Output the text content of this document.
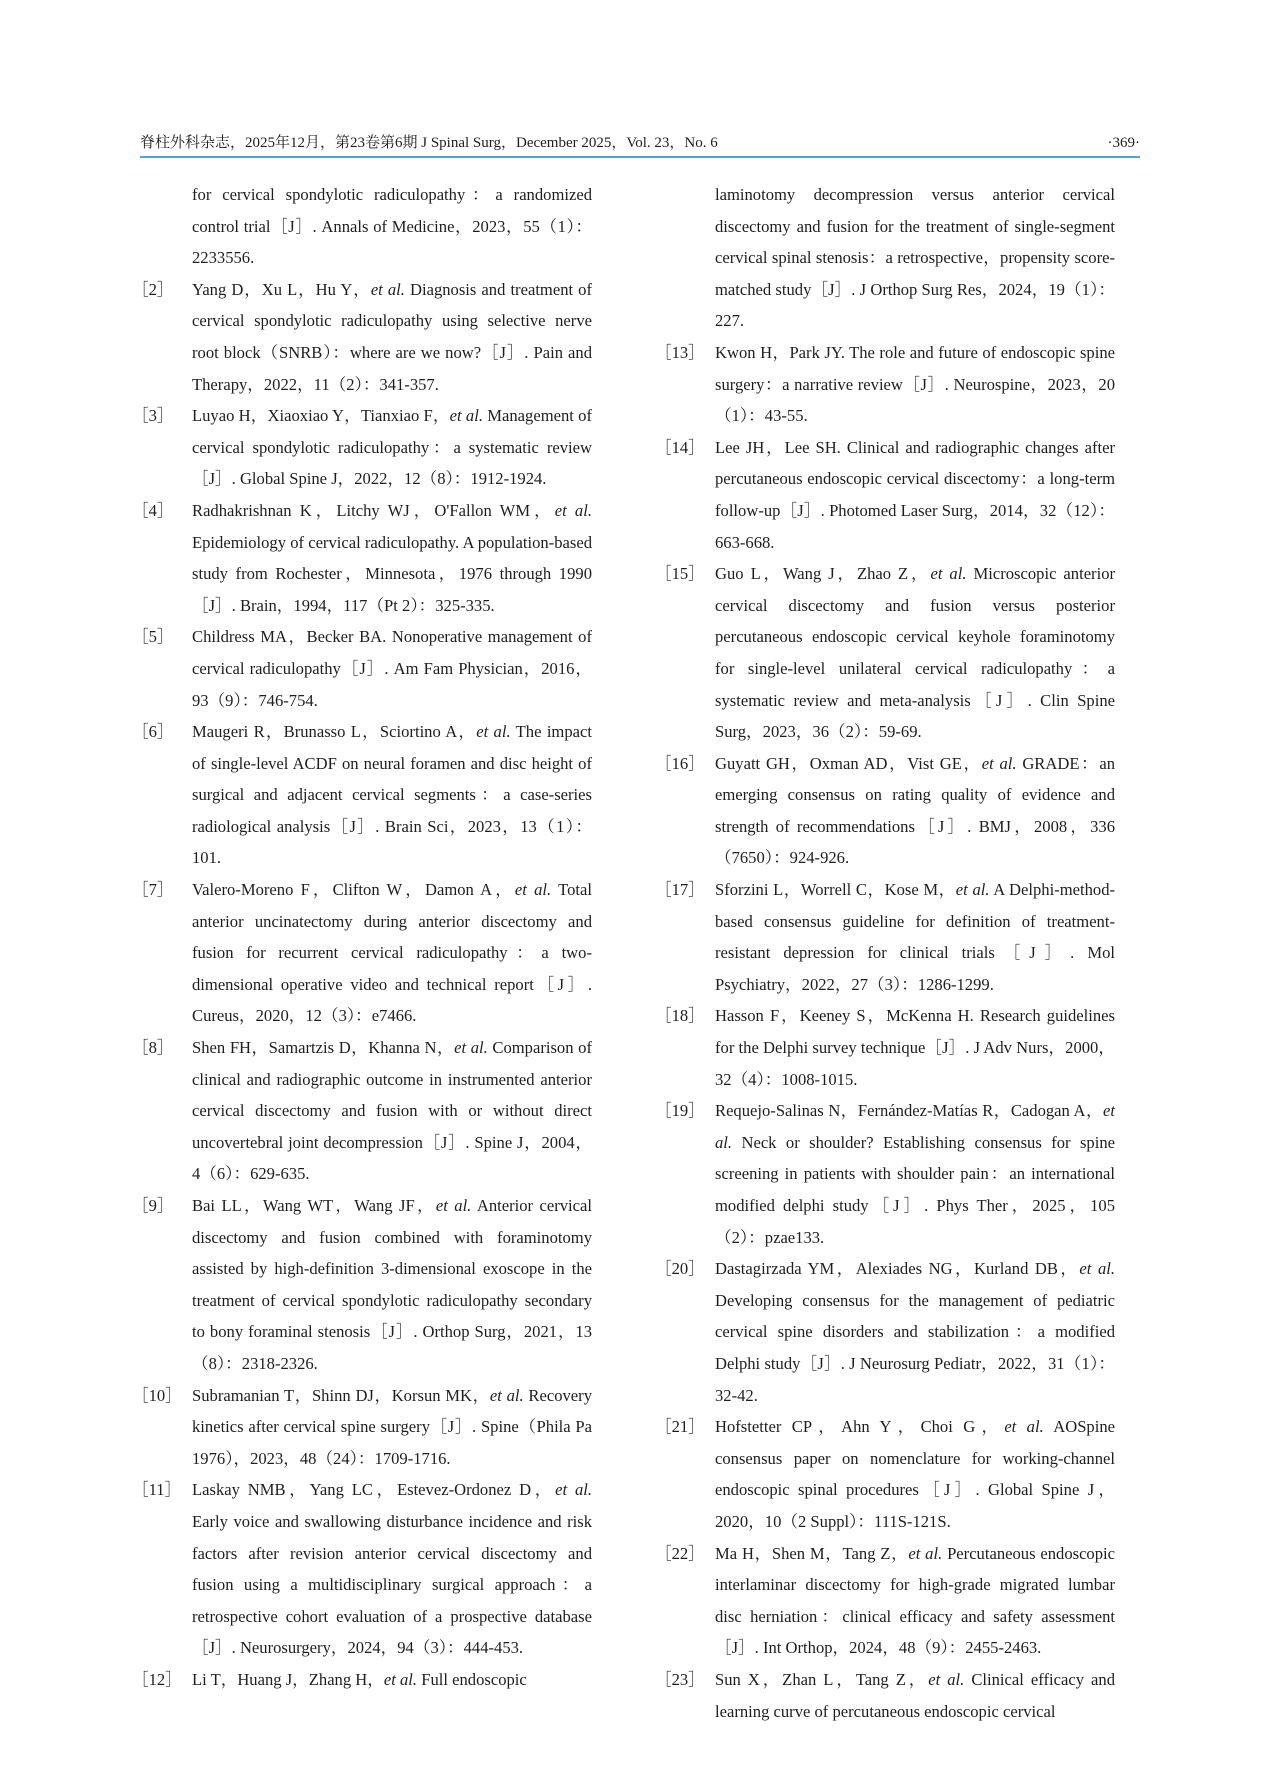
脊柱外科杂志，2025年12月，第23卷第6期 J Spinal Surg，December 2025，Vol. 23，No. 6	·369·
for cervical spondylotic radiculopathy：a randomized control trial［J］. Annals of Medicine，2023，55（1）：2233556.
［2］ Yang D，Xu L，Hu Y，et al. Diagnosis and treatment of cervical spondylotic radiculopathy using selective nerve root block（SNRB）：where are we now?［J］. Pain and Therapy，2022，11（2）：341-357.
［3］ Luyao H，Xiaoxiao Y，Tianxiao F，et al. Management of cervical spondylotic radiculopathy：a systematic review［J］. Global Spine J，2022，12（8）：1912-1924.
［4］ Radhakrishnan K，Litchy WJ，O'Fallon WM，et al. Epidemiology of cervical radiculopathy. A population-based study from Rochester，Minnesota，1976 through 1990［J］. Brain，1994，117（Pt 2）：325-335.
［5］ Childress MA，Becker BA. Nonoperative management of cervical radiculopathy［J］. Am Fam Physician，2016，93（9）：746-754.
［6］ Maugeri R，Brunasso L，Sciortino A，et al. The impact of single-level ACDF on neural foramen and disc height of surgical and adjacent cervical segments：a case-series radiological analysis［J］. Brain Sci，2023，13（1）：101.
［7］ Valero-Moreno F，Clifton W，Damon A，et al. Total anterior uncinatectomy during anterior discectomy and fusion for recurrent cervical radiculopathy：a two-dimensional operative video and technical report［J］. Cureus，2020，12（3）：e7466.
［8］ Shen FH，Samartzis D，Khanna N，et al. Comparison of clinical and radiographic outcome in instrumented anterior cervical discectomy and fusion with or without direct uncovertebral joint decompression［J］. Spine J，2004，4（6）：629-635.
［9］ Bai LL，Wang WT，Wang JF，et al. Anterior cervical discectomy and fusion combined with foraminotomy assisted by high-definition 3-dimensional exoscope in the treatment of cervical spondylotic radiculopathy secondary to bony foraminal stenosis［J］. Orthop Surg，2021，13（8）：2318-2326.
［10］ Subramanian T，Shinn DJ，Korsun MK，et al. Recovery kinetics after cervical spine surgery［J］. Spine（Phila Pa 1976），2023，48（24）：1709-1716.
［11］ Laskay NMB，Yang LC，Estevez-Ordonez D，et al. Early voice and swallowing disturbance incidence and risk factors after revision anterior cervical discectomy and fusion using a multidisciplinary surgical approach：a retrospective cohort evaluation of a prospective database［J］. Neurosurgery，2024，94（3）：444-453.
［12］ Li T，Huang J，Zhang H，et al. Full endoscopic
laminotomy decompression versus anterior cervical discectomy and fusion for the treatment of single-segment cervical spinal stenosis：a retrospective，propensity score-matched study［J］. J Orthop Surg Res，2024，19（1）：227.
［13］ Kwon H，Park JY. The role and future of endoscopic spine surgery：a narrative review［J］. Neurospine，2023，20（1）：43-55.
［14］ Lee JH，Lee SH. Clinical and radiographic changes after percutaneous endoscopic cervical discectomy：a long-term follow-up［J］. Photomed Laser Surg，2014，32（12）：663-668.
［15］ Guo L，Wang J，Zhao Z，et al. Microscopic anterior cervical discectomy and fusion versus posterior percutaneous endoscopic cervical keyhole foraminotomy for single-level unilateral cervical radiculopathy：a systematic review and meta-analysis［J］. Clin Spine Surg，2023，36（2）：59-69.
［16］ Guyatt GH，Oxman AD，Vist GE，et al. GRADE：an emerging consensus on rating quality of evidence and strength of recommendations［J］. BMJ，2008，336（7650）：924-926.
［17］ Sforzini L，Worrell C，Kose M，et al. A Delphi-method-based consensus guideline for definition of treatment-resistant depression for clinical trials［J］. Mol Psychiatry，2022，27（3）：1286-1299.
［18］ Hasson F，Keeney S，McKenna H. Research guidelines for the Delphi survey technique［J］. J Adv Nurs，2000，32（4）：1008-1015.
［19］ Requejo-Salinas N，Fernández-Matías R，Cadogan A，et al. Neck or shoulder? Establishing consensus for spine screening in patients with shoulder pain：an international modified delphi study［J］. Phys Ther，2025，105（2）：pzae133.
［20］ Dastagirzada YM，Alexiades NG，Kurland DB，et al. Developing consensus for the management of pediatric cervical spine disorders and stabilization：a modified Delphi study［J］. J Neurosurg Pediatr，2022，31（1）：32-42.
［21］ Hofstetter CP，Ahn Y，Choi G，et al. AOSpine consensus paper on nomenclature for working-channel endoscopic spinal procedures［J］. Global Spine J，2020，10（2 Suppl）：111S-121S.
［22］ Ma H，Shen M，Tang Z，et al. Percutaneous endoscopic interlaminar discectomy for high-grade migrated lumbar disc herniation：clinical efficacy and safety assessment［J］. Int Orthop，2024，48（9）：2455-2463.
［23］ Sun X，Zhan L，Tang Z，et al. Clinical efficacy and learning curve of percutaneous endoscopic cervical
